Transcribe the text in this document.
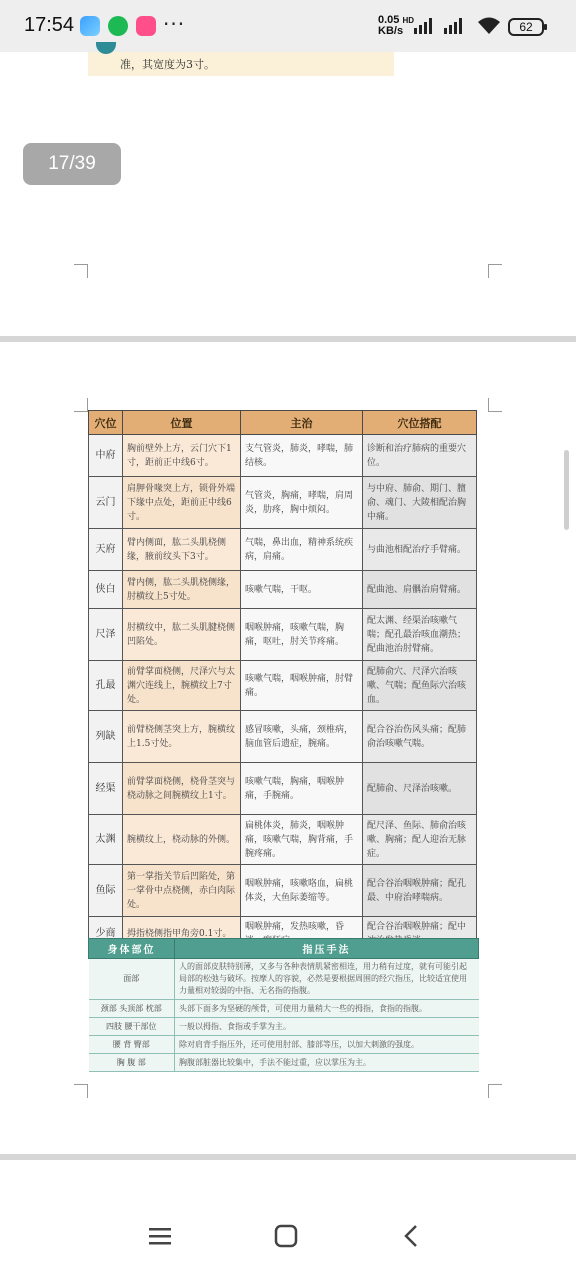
17:54	···	0.05 HD
KB/s	62
准，其宽度为3寸。
17/39
穴位	位置	主治	穴位搭配
中府	胸前壁外上方，云门穴下1寸，距前正中线6寸。	支气管炎，肺炎，哮喘，肺结核。	诊断和治疗肺病的重要穴位。
云门	肩胛骨喙突上方，锁骨外端下缘中点处，距前正中线6寸。	气管炎，胸痛，哮喘，肩周炎，肋疼，胸中烦闷。	与中府、肺俞、期门、膻俞、魂门、大陵相配治胸中痛。
天府	臂内侧面，肱二头肌桡侧缘，腋前纹头下3寸。	气喘，鼻出血，精神系统疾病，肩痛。	与曲池相配治疗手臂痛。
侠白	臂内侧，肱二头肌桡侧缘，肘横纹上5寸处。	咳嗽气喘，干呕。	配曲池、肩髃治肩臂痛。
尺泽	肘横纹中，肱二头肌腱桡侧凹陷处。	咽喉肿痛，咳嗽气喘，胸痛，呕吐，肘关节疼痛。	配太渊、经渠治咳嗽气喘；配孔最治咳血潮热；配曲池治肘臂痛。
孔最	前臂掌面桡侧，尺泽穴与太渊穴连线上，腕横纹上7寸处。	咳嗽气喘，咽喉肿痛，肘臂痛。	配肺俞穴、尺泽穴治咳嗽、气喘；配鱼际穴治咳血。
列缺	前臂桡侧茎突上方，腕横纹上1.5寸处。	感冒咳嗽，头痛，颈椎病，脑血管后遗症，腕痛。	配合谷治伤风头痛；配肺俞治咳嗽气喘。
经渠	前臂掌面桡侧，桡骨茎突与桡动脉之间腕横纹上1寸。	咳嗽气喘，胸痛，咽喉肿痛，手腕痛。	配肺俞、尺泽治咳嗽。
太渊	腕横纹上，桡动脉的外侧。	扁桃体炎，肺炎，咽喉肿痛，咳嗽气喘，胸背痛，手腕疼痛。	配尺泽、鱼际、肺俞治咳嗽、胸痛；配人迎治无脉症。
鱼际	第一掌指关节后凹陷处，第一掌骨中点桡侧，赤白肉际处。	咽喉肿痛，咳嗽咯血，扁桃体炎，大鱼际萎缩等。	配合谷治咽喉肿痛；配孔最、中府治哮喘病。
少商	拇指桡侧指甲角旁0.1寸。	咽喉肿痛，发热咳嗽，昏	配合谷治咽喉肿痛；配中
身体部位	指压手法
面部	人的面部皮肤特别薄，又多与各种表情肌紧密相连，用力稍有过度，就有可能引起局部的松弛与破坏。按摩人的容貌，必然是要根据周围的经穴指压，比较适宜使用力量相对较弱的中指、无名指的指腹。
颈部 头顶部 枕部	头部下面多为坚硬的颅骨，可使用力量稍大一些的拇指，食指的指腹。
四肢 腰干部位	一般以拇指、食指或手掌为主。
腰 背 臀部	除对肩背手指压外，还可使用肘部、膝部等压，以加大刺激的强度。
胸 腹 部	胸腹部脏器比较集中，手法不能过重，应以掌压为主。
